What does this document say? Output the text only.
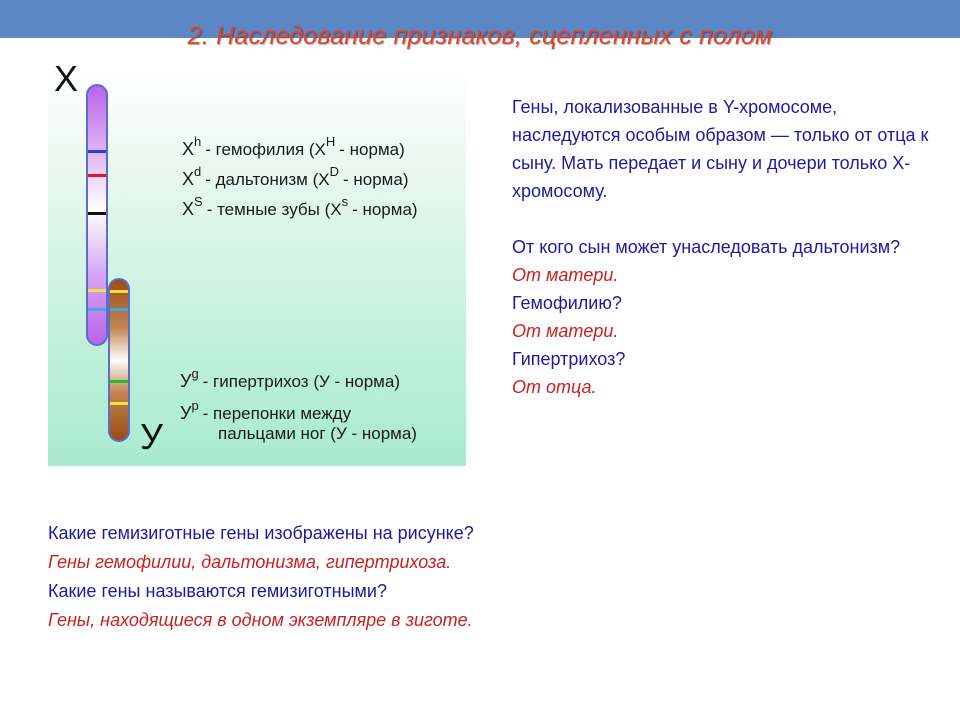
2. Наследование признаков, сцепленных с полом
X
У
$X^h$ - гемофилия ($X^H$ - норма)
$X^d$ - дальтонизм ($X^D$ - норма)
$X^S$ - темные зубы ($X^s$ - норма)
$У^g$ - гипертрихоз (У - норма)
$У^p$ - перепонки между
пальцами ног (У - норма)

Гены, локализованные в Y-хромосоме, наследуются особым образом — только от отца к сыну. Мать передает и сыну и дочери только Х-хромосому.

От кого сын может унаследовать дальтонизм?

От матери.

Гемофилию?

От матери.

Гипертрихоз?

От отца.

Какие гемизиготные гены изображены на рисунке?
Гены гемофилии, дальтонизма, гипертрихоза.
Какие гены называются гемизиготными?
Гены, находящиеся в одном экземпляре в зиготе.
